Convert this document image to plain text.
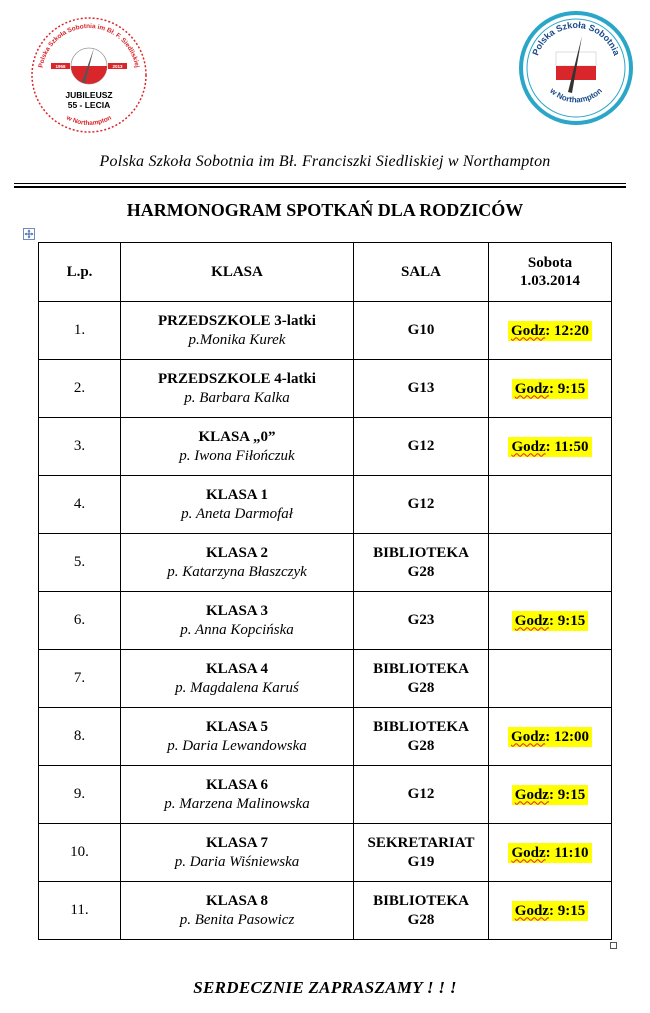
Polska Szkoła Sobotnia im Bł. F. Siedliskiej
w Northampton
1958	2013
JUBILEUSZ
55 - LECIA
Polska Szkoła Sobotnia
w Northampton
Polska Szkoła Sobotnia im Bł. Franciszki Siedliskiej w Northampton
HARMONOGRAM SPOTKAŃ DLA RODZICÓW
L.p.	KLASA	SALA	Sobota
1.03.2014

1.	PRZEDSZKOLE 3-latki
p.Monika Kurek	G10	Godz: 12:20
2.	PRZEDSZKOLE 4-latki
p. Barbara Kalka	G13	Godz: 9:15
3.	KLASA „0”
p. Iwona Fiłończuk	G12	Godz: 11:50
4.	KLASA 1
p. Aneta Darmofał	G12	

5.	KLASA 2
p. Katarzyna Błaszczyk	BIBLIOTEKA
G28	

6.	KLASA 3
p. Anna Kopcińska	G23	Godz: 9:15
7.	KLASA 4
p. Magdalena Karuś	BIBLIOTEKA
G28	

8.	KLASA 5
p. Daria Lewandowska	BIBLIOTEKA
G28	Godz: 12:00
9.	KLASA 6
p. Marzena Malinowska	G12	Godz: 9:15
10.	KLASA 7
p. Daria Wiśniewska	SEKRETARIAT
G19	Godz: 11:10
11.	KLASA 8
p. Benita Pasowicz	BIBLIOTEKA
G28	Godz: 9:15
SERDECZNIE ZAPRASZAMY ! ! !
